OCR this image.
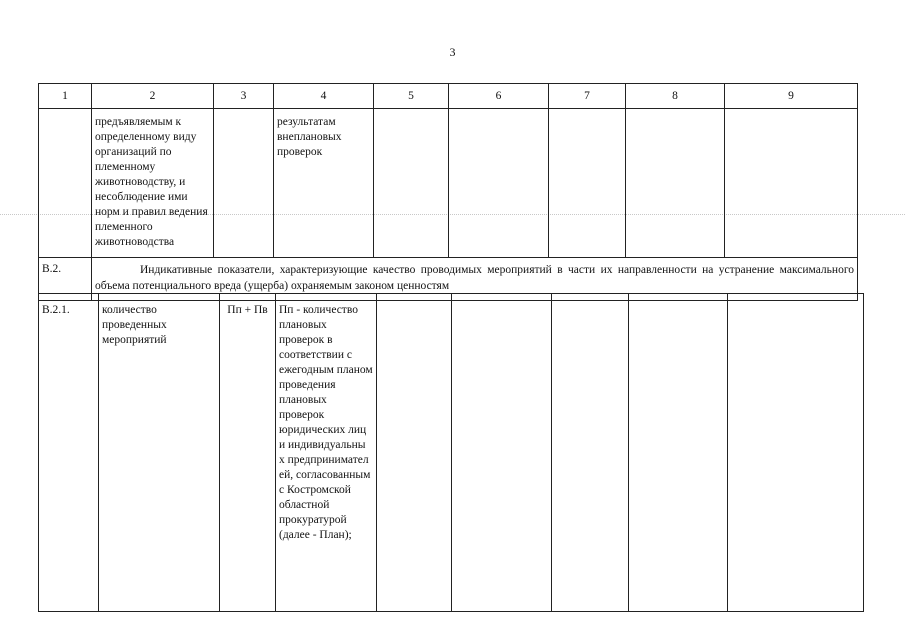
3
1	2	3	4	5	6	7	8	9
	предъявляемым к определенному виду организаций по племенному животноводству, и несоблюдение ими норм и правил ведения племенного животноводства		результатам внеплановых проверок					
В.2.	Индикативные показатели, характеризующие качество проводимых мероприятий в части их направленности на устранение максимального объема потенциального вреда (ущерба) охраняемым законом ценностям							
В.2.1.	количество проведенных мероприятий	Пп + Пв	Пп - количество плановых проверок в соответствии с ежегодным планом проведения плановых проверок юридических лиц и индивидуальны х предпринимател ей, согласованным с Костромской областной прокуратурой (далее - План);					
